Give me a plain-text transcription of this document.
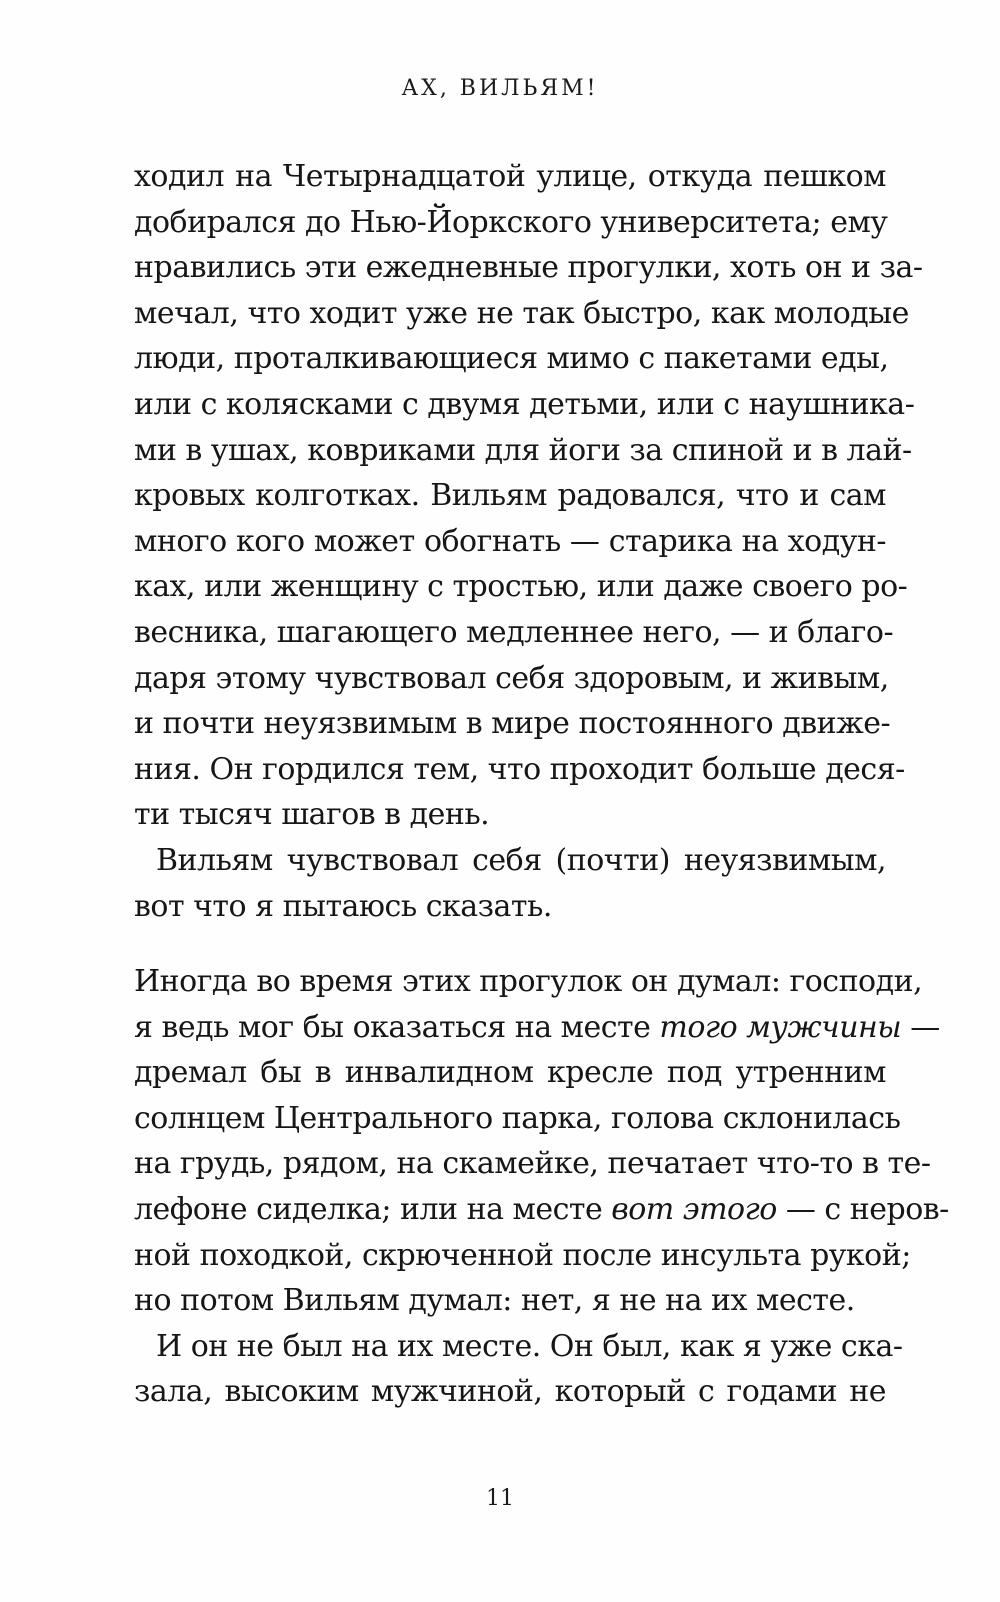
АХ, ВИЛЬЯМ!
ходил на Четырнадцатой улице, откуда пешком
добирался до Нью-Йоркского университета; ему
нравились эти ежедневные прогулки, хоть он и за-
мечал, что ходит уже не так быстро, как молодые
люди, проталкивающиеся мимо с пакетами еды,
или с колясками с двумя детьми, или с наушника-
ми в ушах, ковриками для йоги за спиной и в лай-
кровых колготках. Вильям радовался, что и сам
много кого может обогнать — старика на ходун-
ках, или женщину с тростью, или даже своего ро-
весника, шагающего медленнее него, — и благо-
даря этому чувствовал себя здоровым, и живым,
и почти неуязвимым в мире постоянного движе-
ния. Он гордился тем, что проходит больше деся-
ти тысяч шагов в день.
Вильям чувствовал себя (почти) неуязвимым,
вот что я пытаюсь сказать.
Иногда во время этих прогулок он думал: господи,
я ведь мог бы оказаться на месте того мужчины —
дремал бы в инвалидном кресле под утренним
солнцем Центрального парка, голова склонилась
на грудь, рядом, на скамейке, печатает что-то в те-
лефоне сиделка; или на месте вот этого — с неров-
ной походкой, скрюченной после инсульта рукой;
но потом Вильям думал: нет, я не на их месте.
И он не был на их месте. Он был, как я уже ска-
зала, высоким мужчиной, который с годами не
11
